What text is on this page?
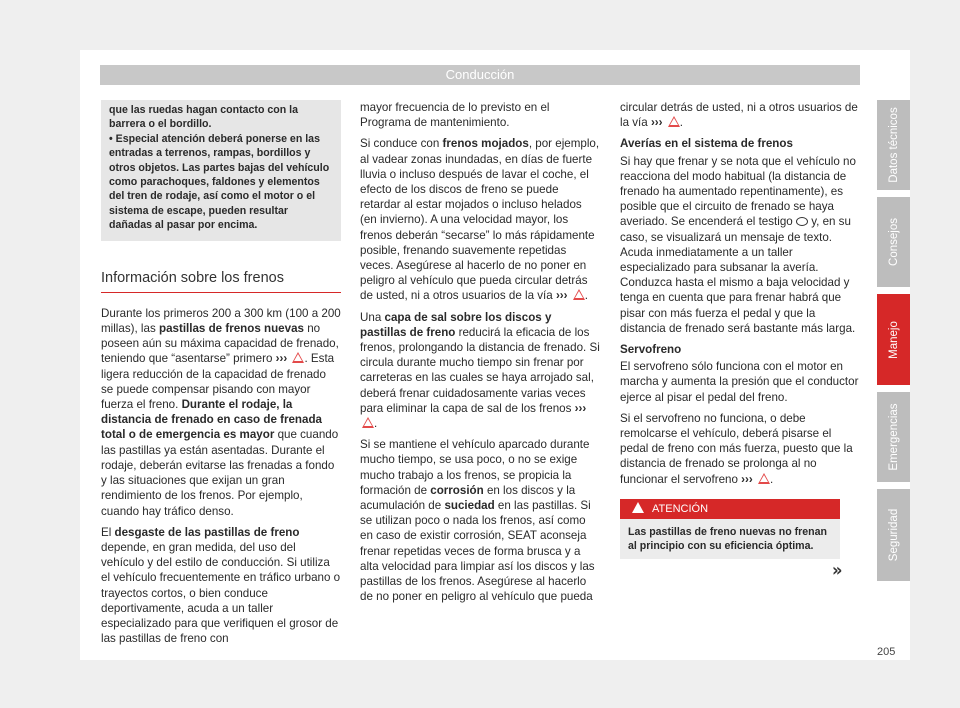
Conducción

que las ruedas hagan contacto con la barrera o el bordillo.

• Especial atención deberá ponerse en las entradas a terrenos, rampas, bordillos y otros objetos. Las partes bajas del vehículo como parachoques, faldones y elementos del tren de rodaje, así como el motor o el sistema de escape, pueden resultar dañadas al pasar por encima.

Información sobre los frenos

Durante los primeros 200 a 300 km (100 a 200 millas), las pastillas de frenos nuevas no poseen aún su máxima capacidad de frenado, teniendo que “asentarse” primero ››› . Esta ligera reducción de la capacidad de frenado se puede compensar pisando con mayor fuerza el freno. Durante el rodaje, la distancia de frenado en caso de frenada total o de emergencia es mayor que cuando las pastillas ya están asentadas. Durante el rodaje, deberán evitarse las frenadas a fondo y las situaciones que exijan un gran rendimiento de los frenos. Por ejemplo, cuando hay tráfico denso.

El desgaste de las pastillas de freno depende, en gran medida, del uso del vehículo y del estilo de conducción. Si utiliza el vehículo frecuentemente en tráfico urbano o trayectos cortos, o bien conduce deportivamente, acuda a un taller especializado para que verifiquen el grosor de las pastillas de freno con

mayor frecuencia de lo previsto en el Programa de mantenimiento.

Si conduce con frenos mojados, por ejemplo, al vadear zonas inundadas, en días de fuerte lluvia o incluso después de lavar el coche, el efecto de los discos de freno se puede retardar al estar mojados o incluso helados (en invierno). A una velocidad mayor, los frenos deberán “secarse” lo más rápidamente posible, frenando suavemente repetidas veces. Asegúrese al hacerlo de no poner en peligro al vehículo que pueda circular detrás de usted, ni a otros usuarios de la vía ››› .

Una capa de sal sobre los discos y pastillas de freno reducirá la eficacia de los frenos, prolongando la distancia de frenado. Si circula durante mucho tiempo sin frenar por carreteras en las cuales se haya arrojado sal, deberá frenar cuidadosamente varias veces para eliminar la capa de sal de los frenos ››› .

Si se mantiene el vehículo aparcado durante mucho tiempo, se usa poco, o no se exige mucho trabajo a los frenos, se propicia la formación de corrosión en los discos y la acumulación de suciedad en las pastillas. Si se utilizan poco o nada los frenos, así como en caso de existir corrosión, SEAT aconseja frenar repetidas veces de forma brusca y a alta velocidad para limpiar así los discos y las pastillas de los frenos. Asegúrese al hacerlo de no poner en peligro al vehículo que pueda

circular detrás de usted, ni a otros usuarios de la vía ››› .

Averías en el sistema de frenos

Si hay que frenar y se nota que el vehículo no reacciona del modo habitual (la distancia de frenado ha aumentado repentinamente), es posible que el circuito de frenado se haya averiado. Se encenderá el testigo  y, en su caso, se visualizará un mensaje de texto. Acuda inmediatamente a un taller especializado para subsanar la avería. Conduzca hasta el mismo a baja velocidad y tenga en cuenta que para frenar habrá que pisar con más fuerza el pedal y que la distancia de frenado será bastante más larga.

Servofreno

El servofreno sólo funciona con el motor en marcha y aumenta la presión que el conductor ejerce al pisar el pedal del freno.

Si el servofreno no funciona, o debe remolcarse el vehículo, deberá pisarse el pedal de freno con más fuerza, puesto que la distancia de frenado se prolonga al no funcionar el servofreno ››› .

ATENCIÓN
Las pastillas de freno nuevas no frenan al principio con su eficiencia óptima.
»
Datos técnicos
Consejos
Manejo
Emergencias
Seguridad
205
